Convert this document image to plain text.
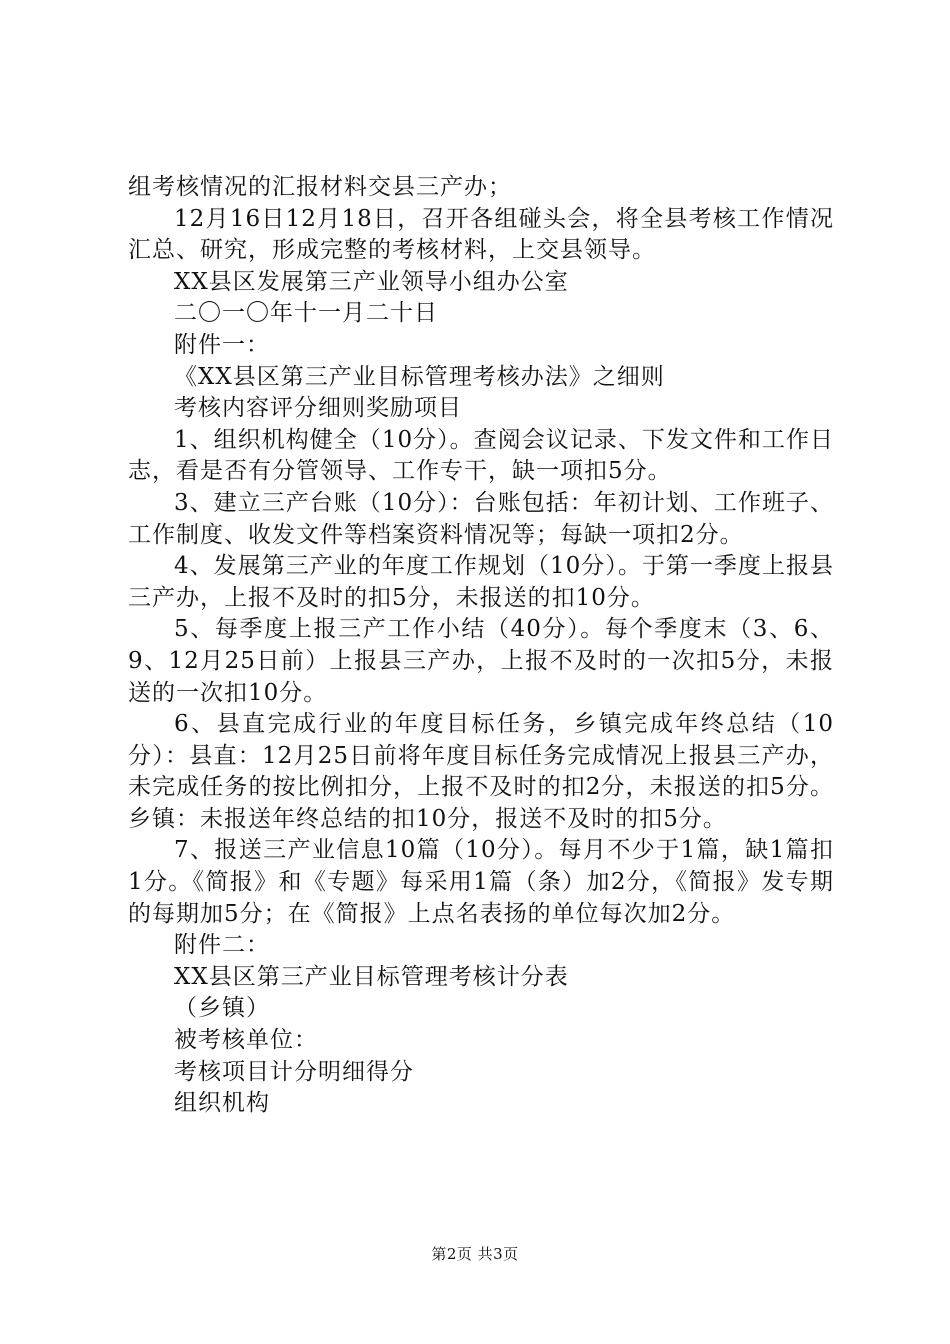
组考核情况的汇报材料交县三产办；

12月16日12月18日，召开各组碰头会，将全县考核工作情况汇总、研究，形成完整的考核材料，上交县领导。

XX县区发展第三产业领导小组办公室

二〇一〇年十一月二十日

附件一：

《XX县区第三产业目标管理考核办法》之细则

考核内容评分细则奖励项目

1、组织机构健全（10分）。查阅会议记录、下发文件和工作日志，看是否有分管领导、工作专干，缺一项扣5分。

3、建立三产台账（10分）：台账包括：年初计划、工作班子、工作制度、收发文件等档案资料情况等；每缺一项扣2分。

4、发展第三产业的年度工作规划（10分）。于第一季度上报县三产办，上报不及时的扣5分，未报送的扣10分。

5、每季度上报三产工作小结（40分）。每个季度末（3、6、9、12月25日前）上报县三产办，上报不及时的一次扣5分，未报送的一次扣10分。

6、县直完成行业的年度目标任务，乡镇完成年终总结（10分）：县直：12月25日前将年度目标任务完成情况上报县三产办，未完成任务的按比例扣分，上报不及时的扣2分，未报送的扣5分。乡镇：未报送年终总结的扣10分，报送不及时的扣5分。

7、报送三产业信息10篇（10分）。每月不少于1篇，缺1篇扣1分。《简报》和《专题》每采用1篇（条）加2分，《简报》发专期的每期加5分；在《简报》上点名表扬的单位每次加2分。

附件二：

XX县区第三产业目标管理考核计分表

（乡镇）

被考核单位：

考核项目计分明细得分

组织机构

第2页 共3页
